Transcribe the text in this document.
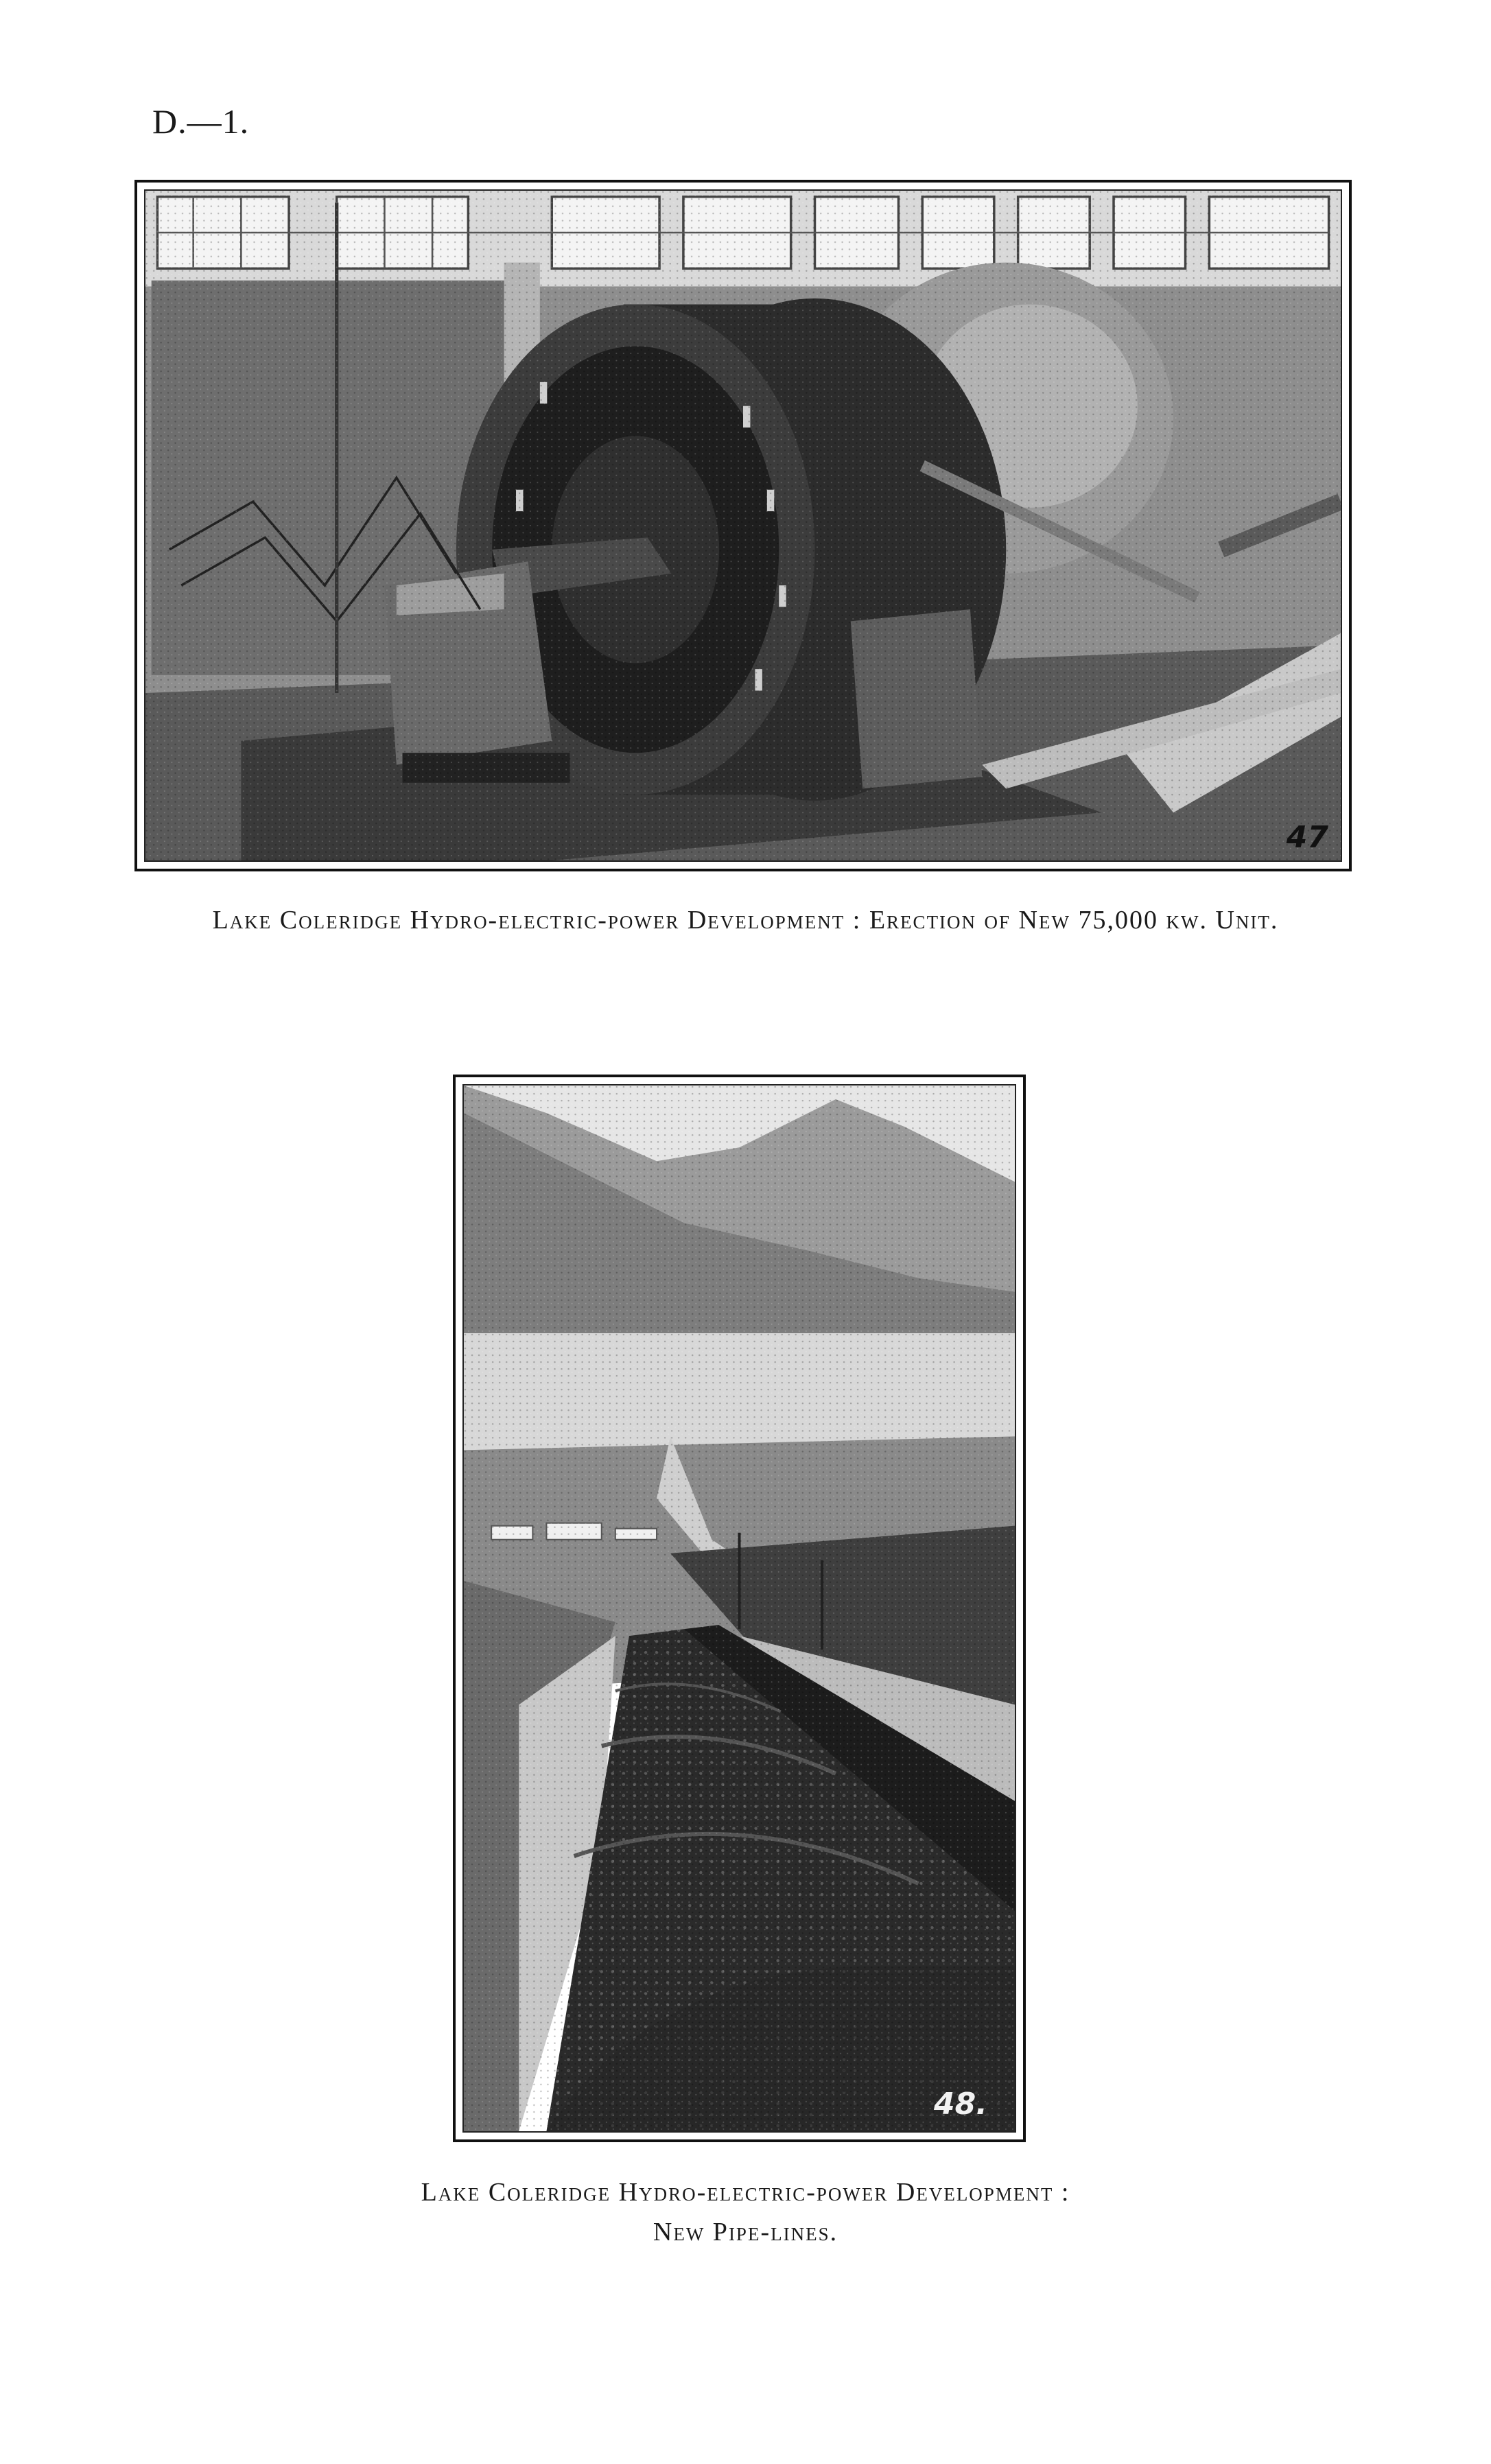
D.—1.
47
Lake Coleridge Hydro-electric-power Development : Erection of New 75,000 kw. Unit.
48.
Lake Coleridge Hydro-electric-power Development :
New Pipe-lines.
